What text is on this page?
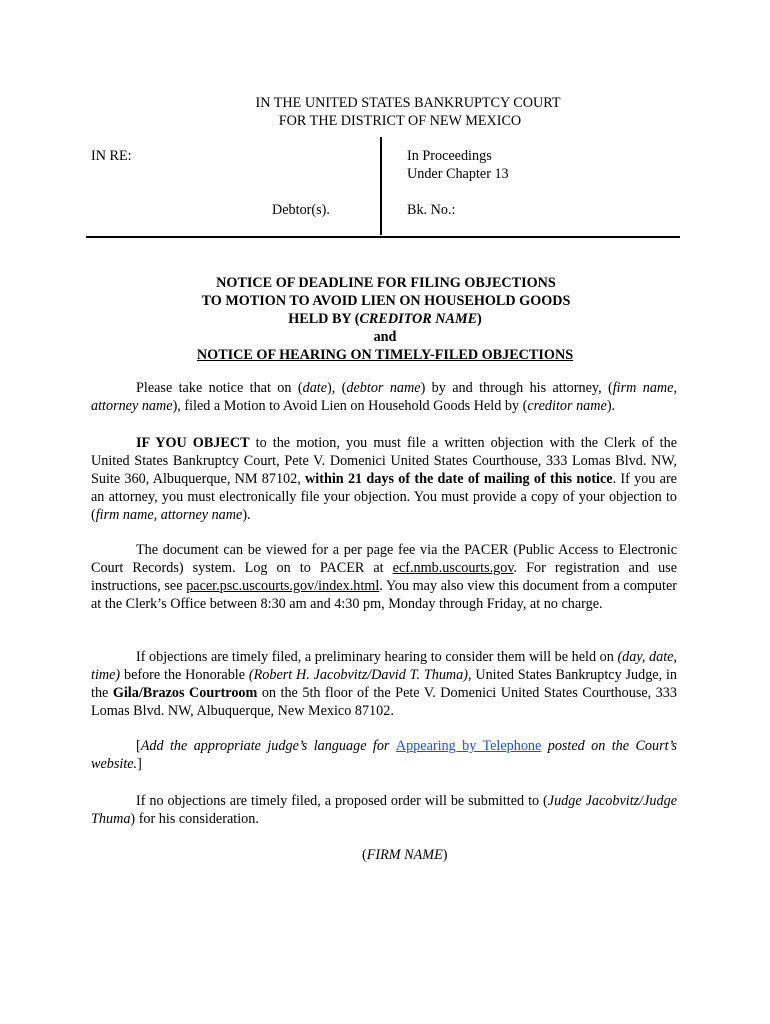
IN THE UNITED STATES BANKRUPTCY COURT
FOR THE DISTRICT OF NEW MEXICO
IN RE:
Debtor(s).
In Proceedings
Under Chapter 13
Bk. No.:
NOTICE OF DEADLINE FOR FILING OBJECTIONS
TO MOTION TO AVOID LIEN ON HOUSEHOLD GOODS
HELD BY (CREDITOR NAME)
and
NOTICE OF HEARING ON TIMELY-FILED OBJECTIONS
Please take notice that on (date), (debtor name) by and through his attorney, (firm name, attorney name), filed a Motion to Avoid Lien on Household Goods Held by (creditor name).
IF YOU OBJECT to the motion, you must file a written objection with the Clerk of the United States Bankruptcy Court, Pete V. Domenici United States Courthouse, 333 Lomas Blvd. NW, Suite 360, Albuquerque, NM 87102, within 21 days of the date of mailing of this notice. If you are an attorney, you must electronically file your objection. You must provide a copy of your objection to (firm name, attorney name).
The document can be viewed for a per page fee via the PACER (Public Access to Electronic Court Records) system. Log on to PACER at ecf.nmb.uscourts.gov. For registration and use instructions, see pacer.psc.uscourts.gov/index.html. You may also view this document from a computer at the Clerk’s Office between 8:30 am and 4:30 pm, Monday through Friday, at no charge.
If objections are timely filed, a preliminary hearing to consider them will be held on (day, date, time) before the Honorable (Robert H. Jacobvitz/David T. Thuma), United States Bankruptcy Judge, in the Gila/Brazos Courtroom on the 5th floor of the Pete V. Domenici United States Courthouse, 333 Lomas Blvd. NW, Albuquerque, New Mexico 87102.
[Add the appropriate judge’s language for Appearing by Telephone posted on the Court’s website.]
If no objections are timely filed, a proposed order will be submitted to (Judge Jacobvitz/Judge Thuma) for his consideration.
(FIRM NAME)
